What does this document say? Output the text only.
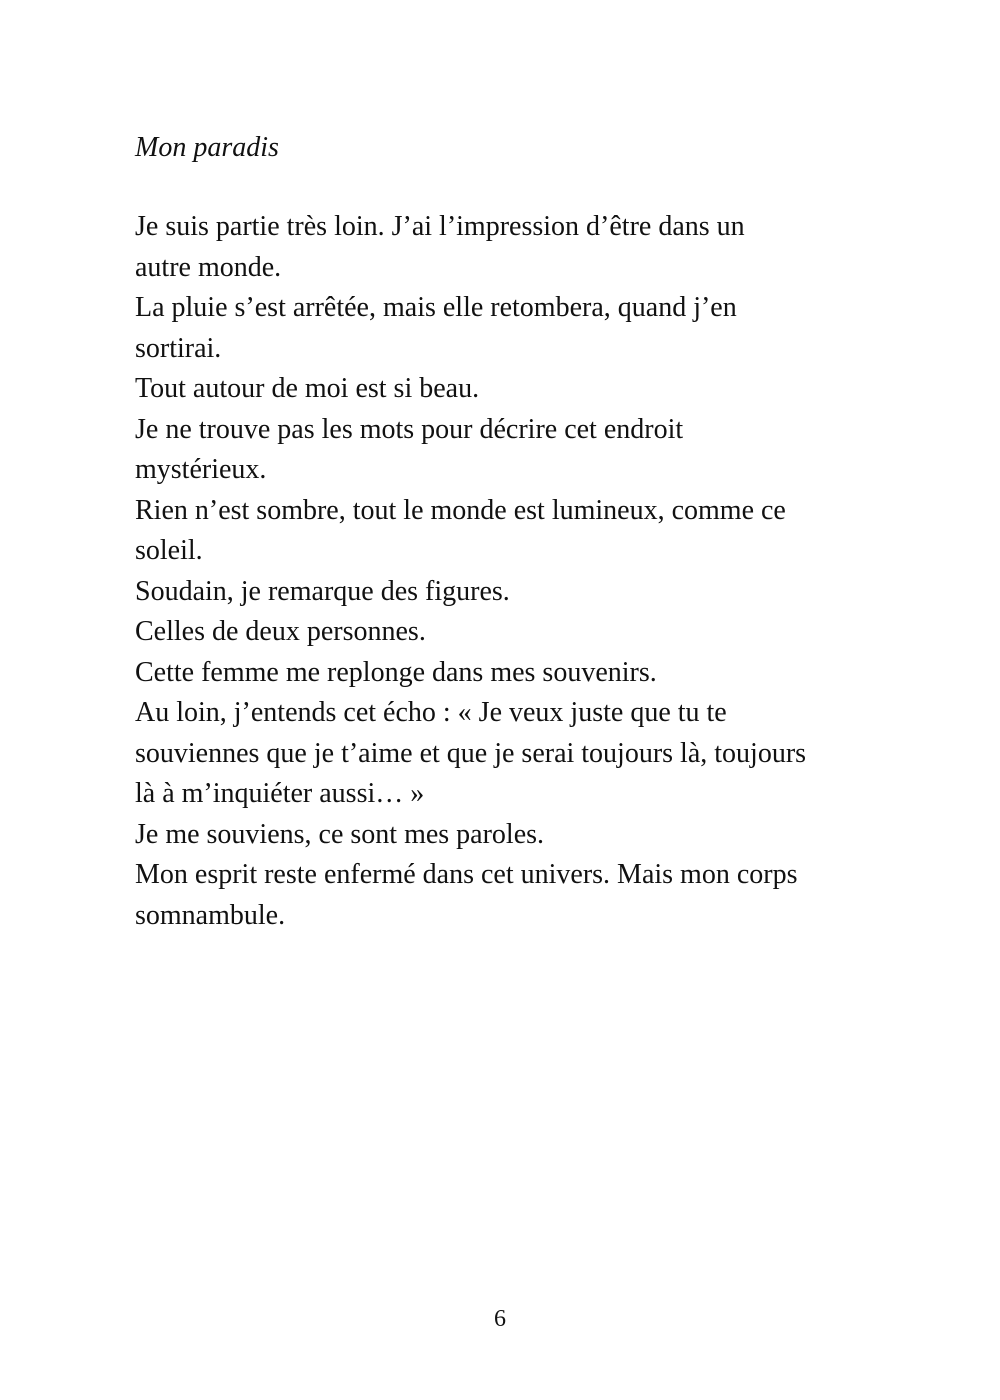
Mon paradis
Je suis partie très loin. J’ai l’impression d’être dans un
autre monde.
La pluie s’est arrêtée, mais elle retombera, quand j’en
sortirai.
Tout autour de moi est si beau.
Je ne trouve pas les mots pour décrire cet endroit
mystérieux.
Rien n’est sombre, tout le monde est lumineux, comme ce
soleil.
Soudain, je remarque des figures.
Celles de deux personnes.
Cette femme me replonge dans mes souvenirs.
Au loin, j’entends cet écho : « Je veux juste que tu te
souviennes que je t’aime et que je serai toujours là, toujours
là à m’inquiéter aussi… »
Je me souviens, ce sont mes paroles.
Mon esprit reste enfermé dans cet univers. Mais mon corps
somnambule.
6
